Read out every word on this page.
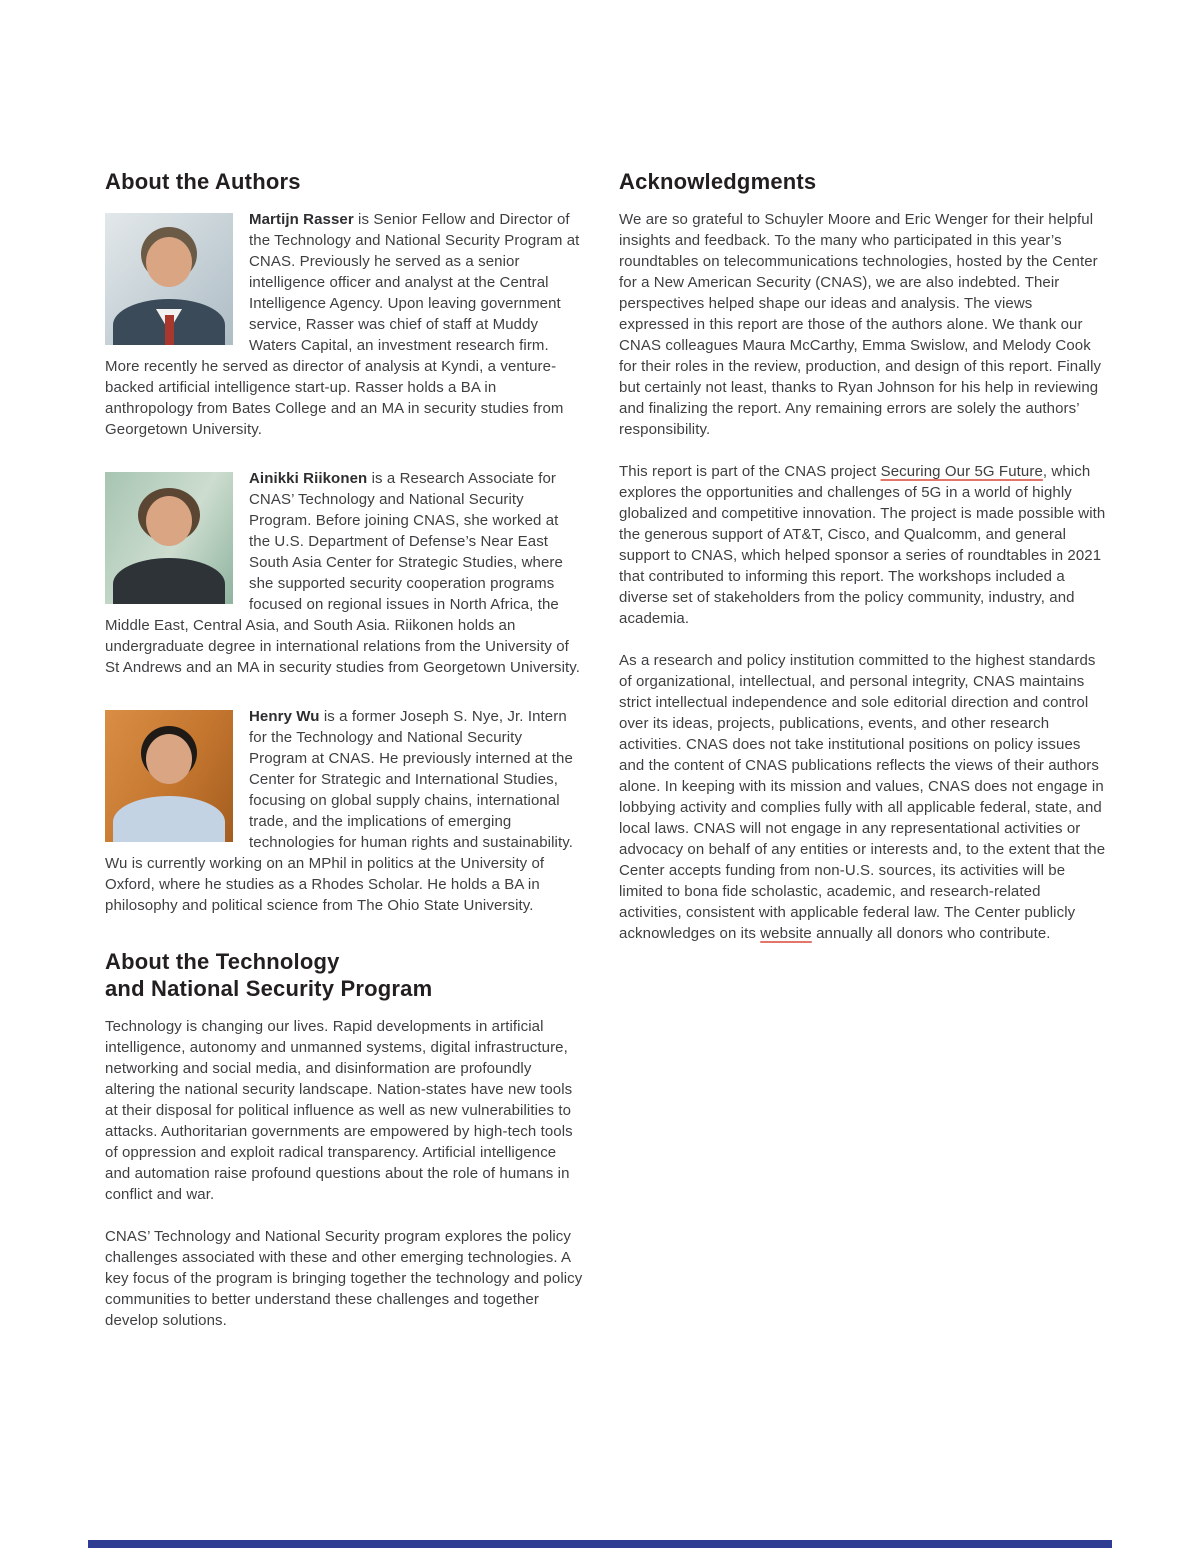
About the Authors

Martijn Rasser is Senior Fellow and Director of the Technology and National Security Program at CNAS. Previously he served as a senior intelligence officer and analyst at the Central Intelligence Agency. Upon leaving government service, Rasser was chief of staff at Muddy Waters Capital, an investment research firm. More recently he served as director of analysis at Kyndi, a venture-backed artificial intelligence start-up. Rasser holds a BA in anthropology from Bates College and an MA in security studies from Georgetown University.

Ainikki Riikonen is a Research Associate for CNAS’ Technology and National Security Program. Before joining CNAS, she worked at the U.S. Department of Defense’s Near East South Asia Center for Strategic Studies, where she supported security cooperation programs focused on regional issues in North Africa, the Middle East, Central Asia, and South Asia. Riikonen holds an undergraduate degree in international relations from the University of St Andrews and an MA in security studies from Georgetown University.

Henry Wu is a former Joseph S. Nye, Jr. Intern for the Technology and National Security Program at CNAS. He previously interned at the Center for Strategic and International Studies, focusing on global supply chains, international trade, and the implications of emerging technologies for human rights and sustainability. Wu is currently working on an MPhil in politics at the University of Oxford, where he studies as a Rhodes Scholar. He holds a BA in philosophy and political science from The Ohio State University.

About the Technology
and National Security Program

Technology is changing our lives. Rapid developments in artificial intelligence, autonomy and unmanned systems, digital infrastructure, networking and social media, and disinformation are profoundly altering the national security landscape. Nation-states have new tools at their disposal for political influence as well as new vulnerabilities to attacks. Authoritarian governments are empowered by high-tech tools of oppression and exploit radical transparency. Artificial intelligence and automation raise profound questions about the role of humans in conflict and war.

CNAS’ Technology and National Security program explores the policy challenges associated with these and other emerging technologies. A key focus of the program is bringing together the technology and policy communities to better understand these challenges and together develop solutions.

Acknowledgments

We are so grateful to Schuyler Moore and Eric Wenger for their helpful insights and feedback. To the many who participated in this year’s roundtables on telecommunications technologies, hosted by the Center for a New American Security (CNAS), we are also indebted. Their perspectives helped shape our ideas and analysis. The views expressed in this report are those of the authors alone. We thank our CNAS colleagues Maura McCarthy, Emma Swislow, and Melody Cook for their roles in the review, production, and design of this report. Finally but certainly not least, thanks to Ryan Johnson for his help in reviewing and finalizing the report. Any remaining errors are solely the authors’ responsibility.

This report is part of the CNAS project Securing Our 5G Future, which explores the opportunities and challenges of 5G in a world of highly globalized and competitive innovation. The project is made possible with the generous support of AT&T, Cisco, and Qualcomm, and general support to CNAS, which helped sponsor a series of roundtables in 2021 that contributed to informing this report. The workshops included a diverse set of stakeholders from the policy community, industry, and academia.

As a research and policy institution committed to the highest standards of organizational, intellectual, and personal integrity, CNAS maintains strict intellectual independence and sole editorial direction and control over its ideas, projects, publications, events, and other research activities. CNAS does not take institutional positions on policy issues and the content of CNAS publications reflects the views of their authors alone. In keeping with its mission and values, CNAS does not engage in lobbying activity and complies fully with all applicable federal, state, and local laws. CNAS will not engage in any representational activities or advocacy on behalf of any entities or interests and, to the extent that the Center accepts funding from non-U.S. sources, its activities will be limited to bona fide scholastic, academic, and research-related activities, consistent with applicable federal law. The Center publicly acknowledges on its website annually all donors who contribute.
